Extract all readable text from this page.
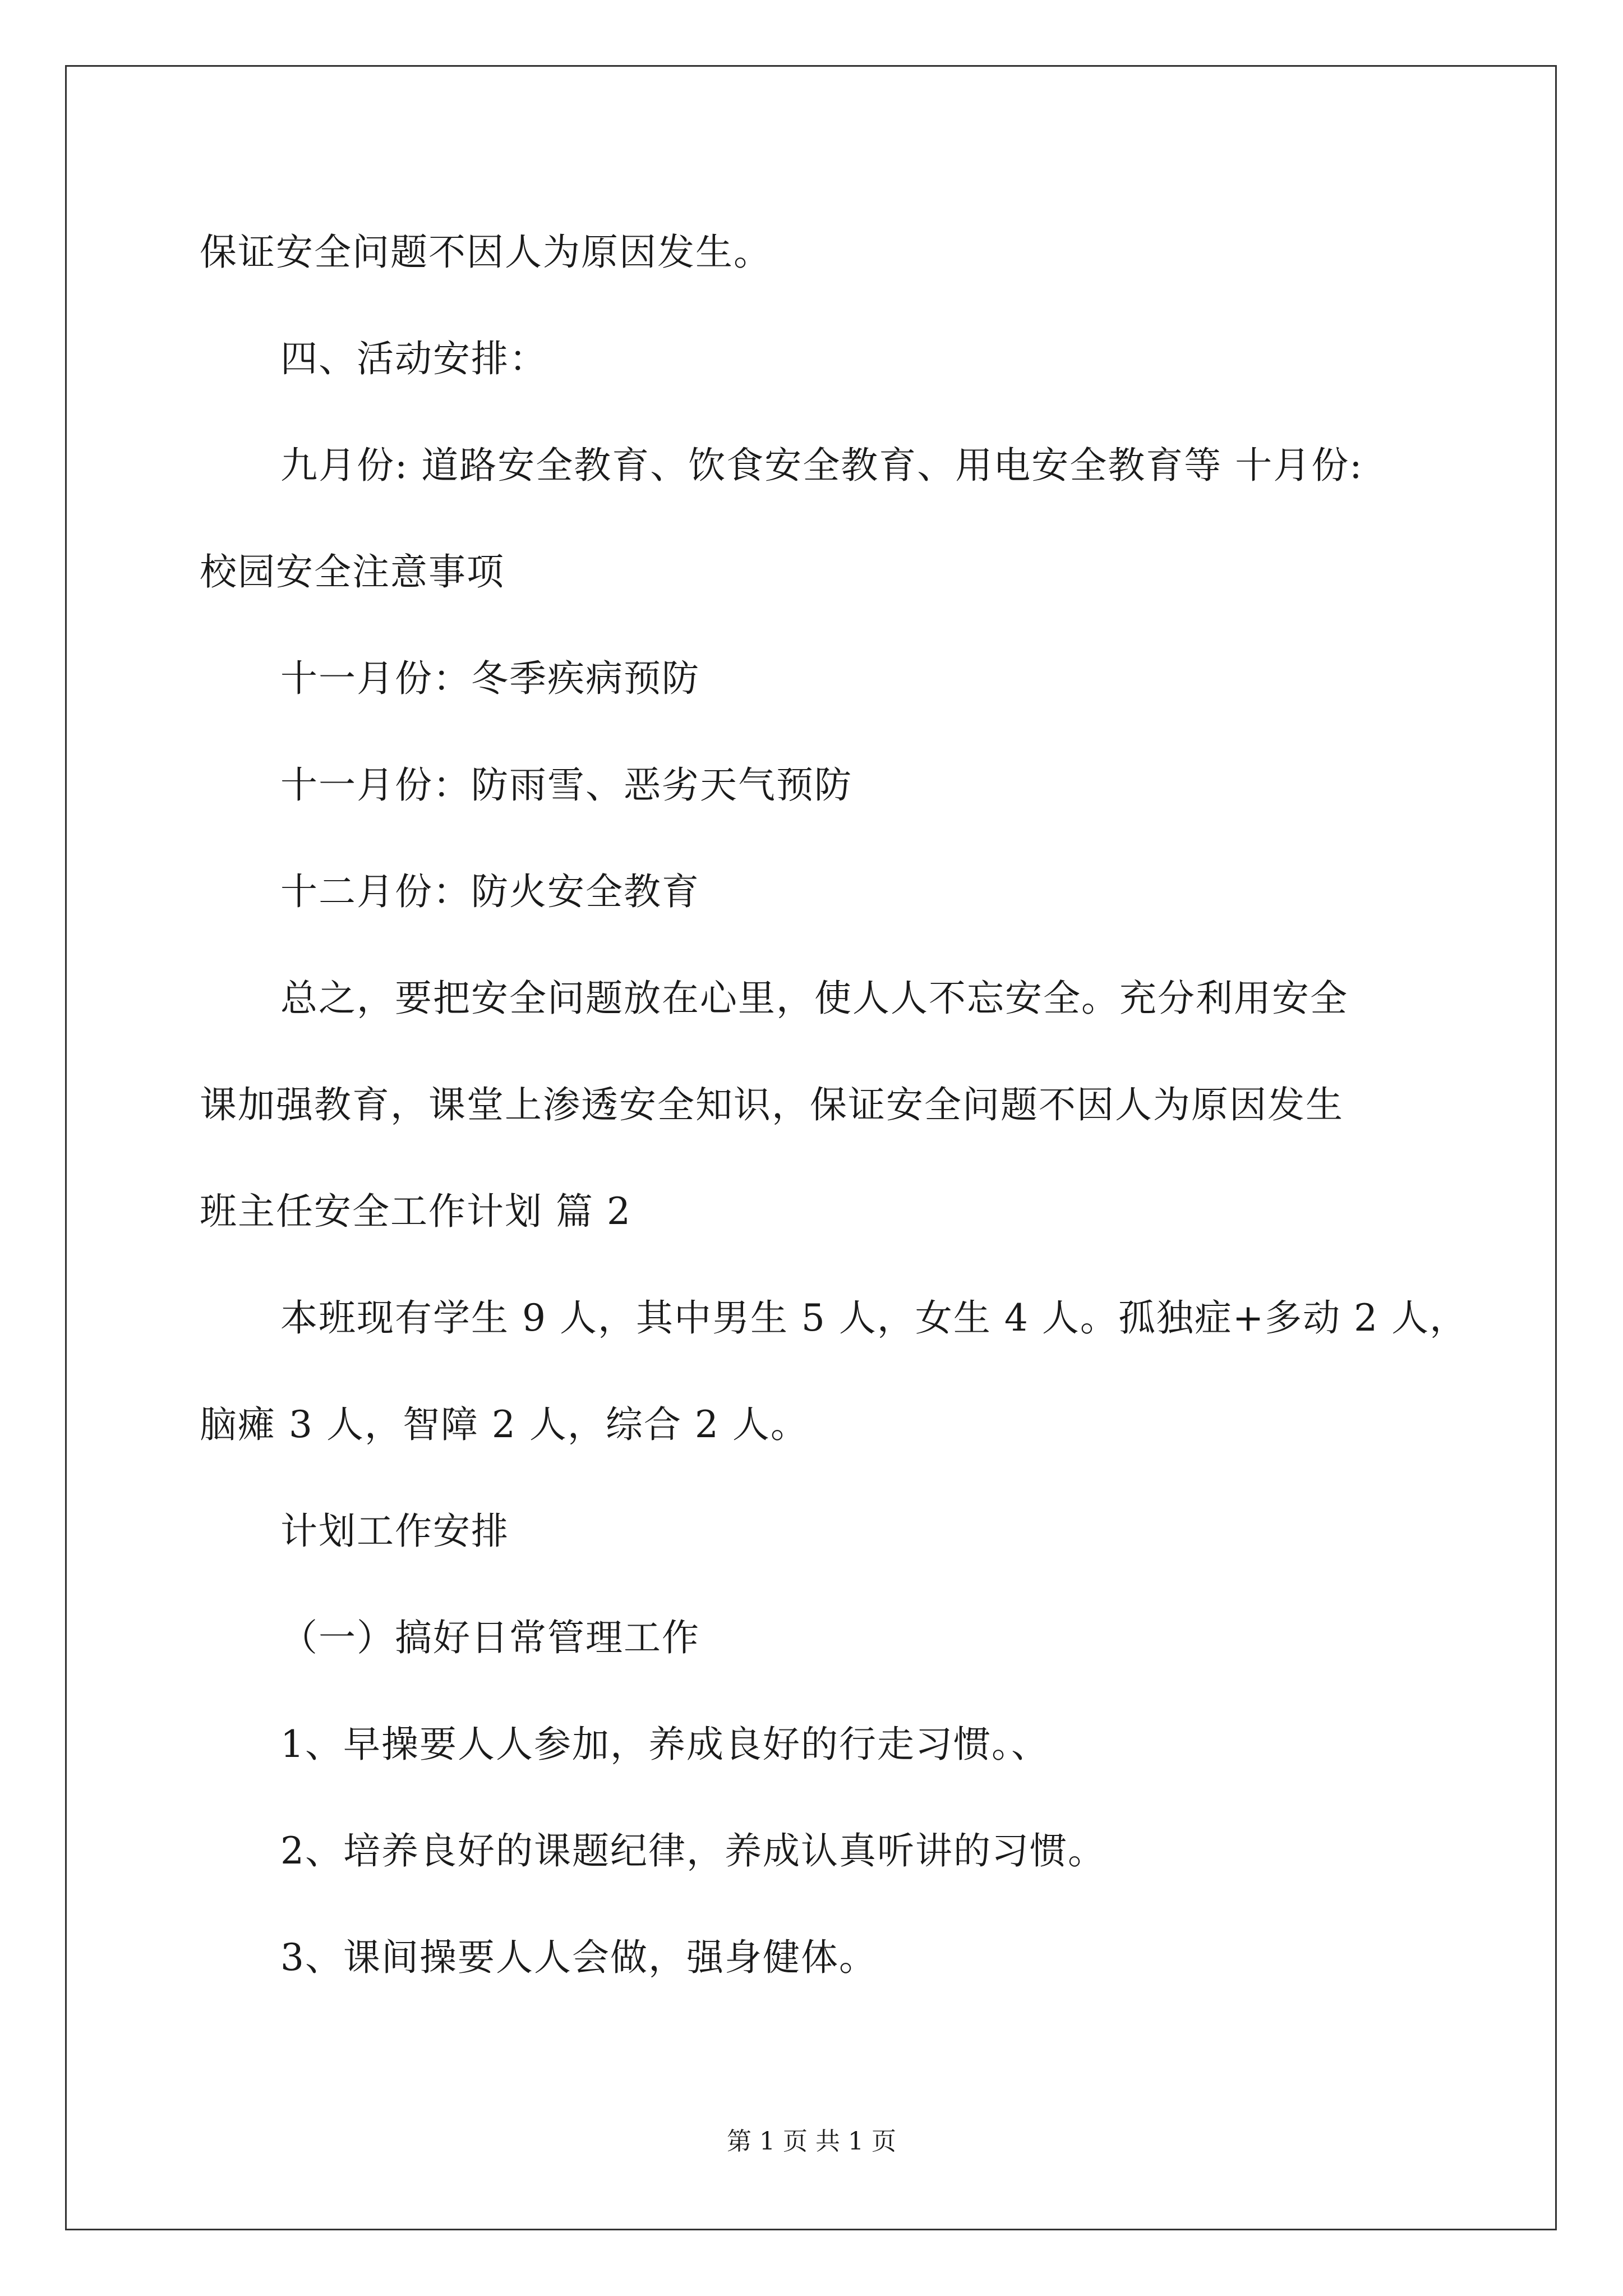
保证安全问题不因人为原因发生。
四、活动安排：
九月份: 道路安全教育、饮食安全教育、用电安全教育等 十月份:
校园安全注意事项
十一月份：冬季疾病预防
十一月份：防雨雪、恶劣天气预防
十二月份：防火安全教育
总之，要把安全问题放在心里，使人人不忘安全。充分利用安全
课加强教育，课堂上渗透安全知识，保证安全问题不因人为原因发生
班主任安全工作计划 篇 2
本班现有学生 9 人，其中男生 5 人，女生 4 人。孤独症+多动 2 人，
脑瘫 3 人，智障 2 人，综合 2 人。
计划工作安排
（一）搞好日常管理工作
1、早操要人人参加，养成良好的行走习惯。、
2、培养良好的课题纪律，养成认真听讲的习惯。
3、课间操要人人会做，强身健体。
第 1 页 共 1 页
